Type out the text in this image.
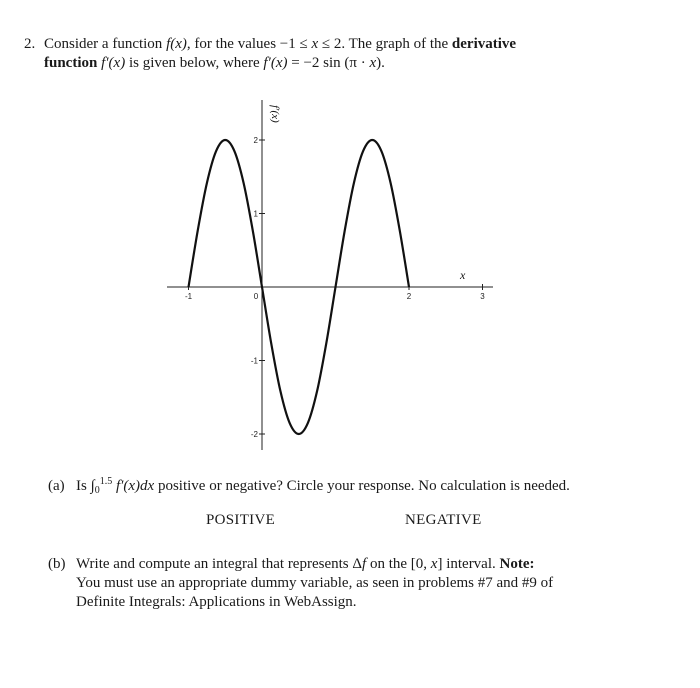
2. Consider a function f(x), for the values −1 ≤ x ≤ 2. The graph of the derivative
function f′(x) is given below, where f′(x) = −2 sin (π · x).
-1	0	2	3
2
1
-1
-2
x
f′(x)
(a) Is $\int_0^{1.5}$ f′(x)dx positive or negative? Circle your response. No calculation is needed.
POSITIVE	NEGATIVE
(b) Write and compute an integral that represents Δf on the [0, x] interval. Note:
You must use an appropriate dummy variable, as seen in problems #7 and #9 of
Definite Integrals: Applications in WebAssign.
